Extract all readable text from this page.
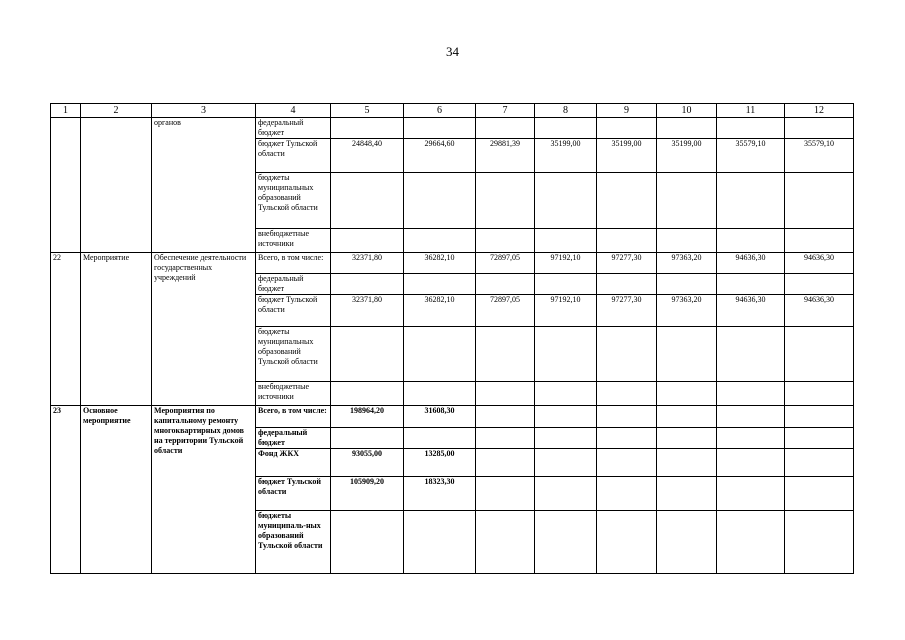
34
1	2	3	4	5	6	7	8	9	10	11	12
		органов	федеральный бюджет								
			бюджет Тульской области	24848,40	29664,60	29881,39	35199,00	35199,00	35199,00	35579,10	35579,10
			бюджеты муниципальных образований Тульской области								
			внебюджетные источники								
22	Мероприятие	Обеспечение деятельности государственных учреждений	Всего, в том числе:	32371,80	36282,10	72897,05	97192,10	97277,30	97363,20	94636,30	94636,30
			федеральный бюджет								
			бюджет Тульской области	32371,80	36282,10	72897,05	97192,10	97277,30	97363,20	94636,30	94636,30
			бюджеты муниципальных образований Тульской области								
			внебюджетные источники								
23	Основное мероприятие	Мероприятия по капитальному ремонту многоквартирных домов на территории Тульской области	Всего, в том числе:	198964,20	31608,30						
			федеральный бюджет								
			Фонд ЖКХ	93055,00	13285,00						
			бюджет Тульской области	105909,20	18323,30						
			бюджеты муниципаль-ных образований Тульской области								
